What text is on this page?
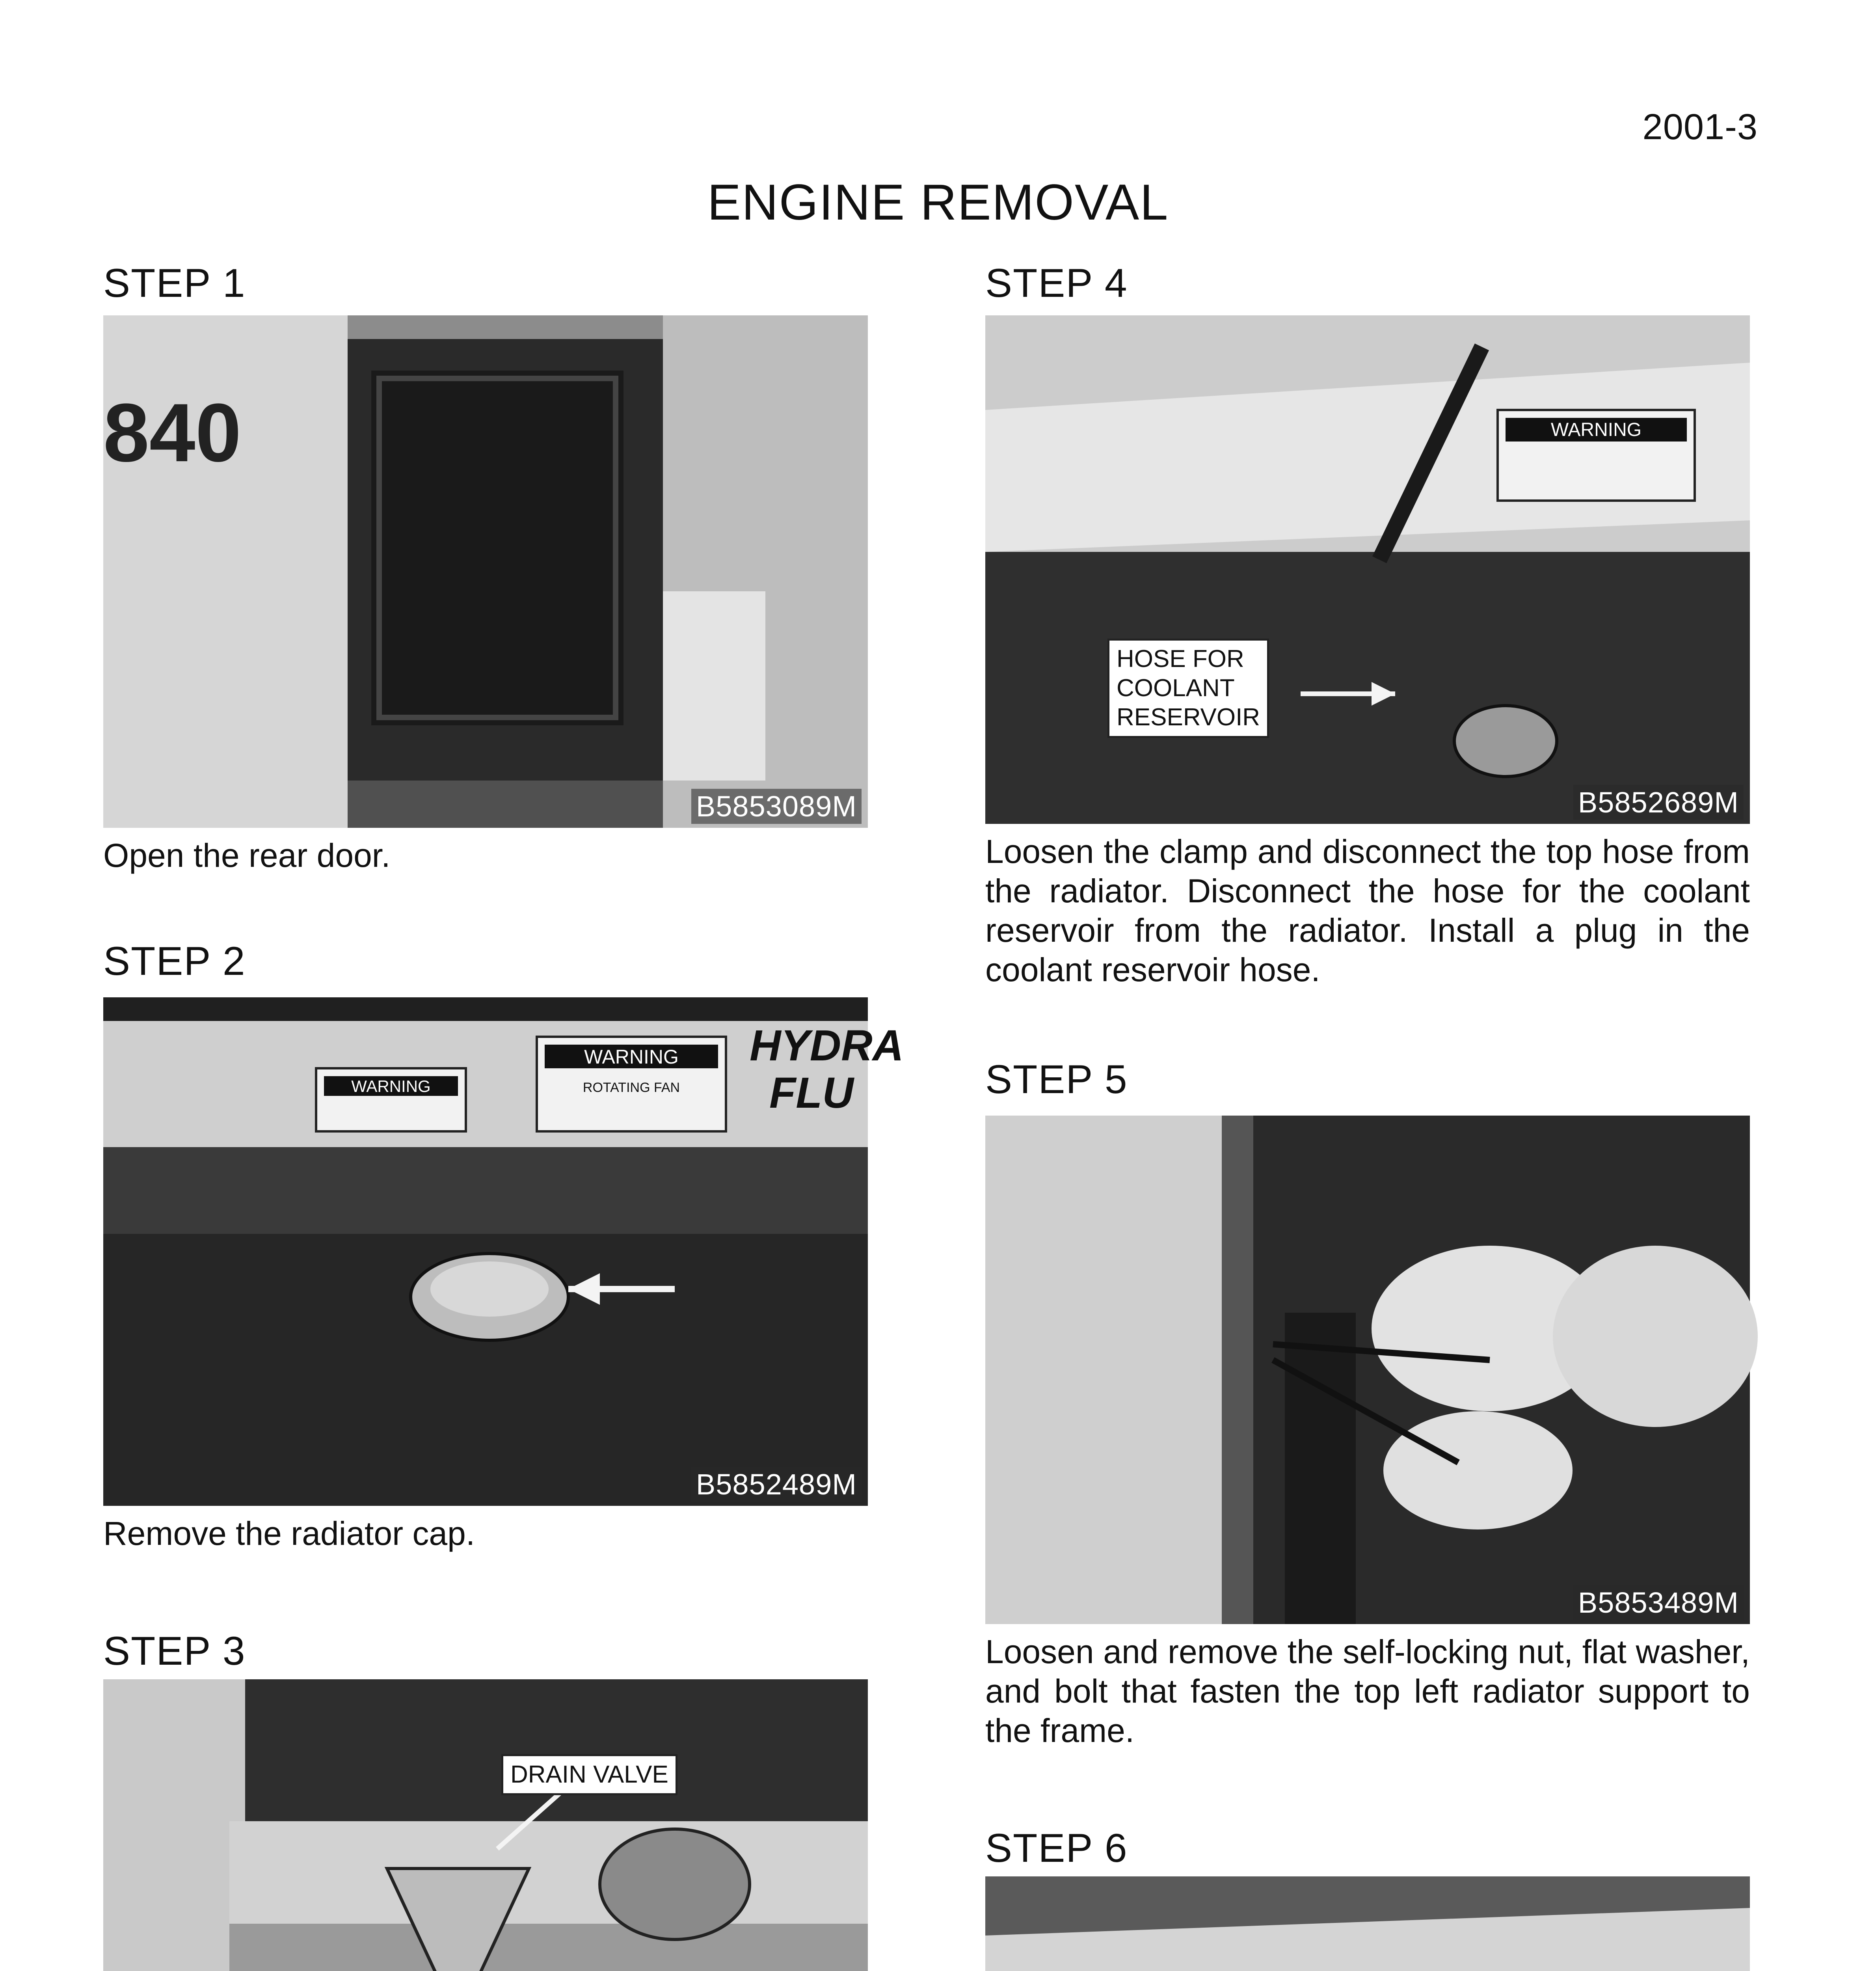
2001-3
ENGINE REMOVAL
STEP 1
840
B5853089M
Open the rear door.
STEP 2
WARNING
WARNING
ROTATING FAN
HYDRA
FLU
B5852489M
Remove the radiator cap.
STEP 3
DRAIN VALVE
STEP 4
WARNING
HOSE FOR
COOLANT
RESERVOIR
B5852689M
Loosen the clamp and disconnect the top hose from the radiator. Disconnect the hose for the coolant reservoir from the radiator. Install a plug in the coolant reservoir hose.
STEP 5
B5853489M
Loosen and remove the self-locking nut, flat washer, and bolt that fasten the top left radiator support to the frame.
STEP 6
